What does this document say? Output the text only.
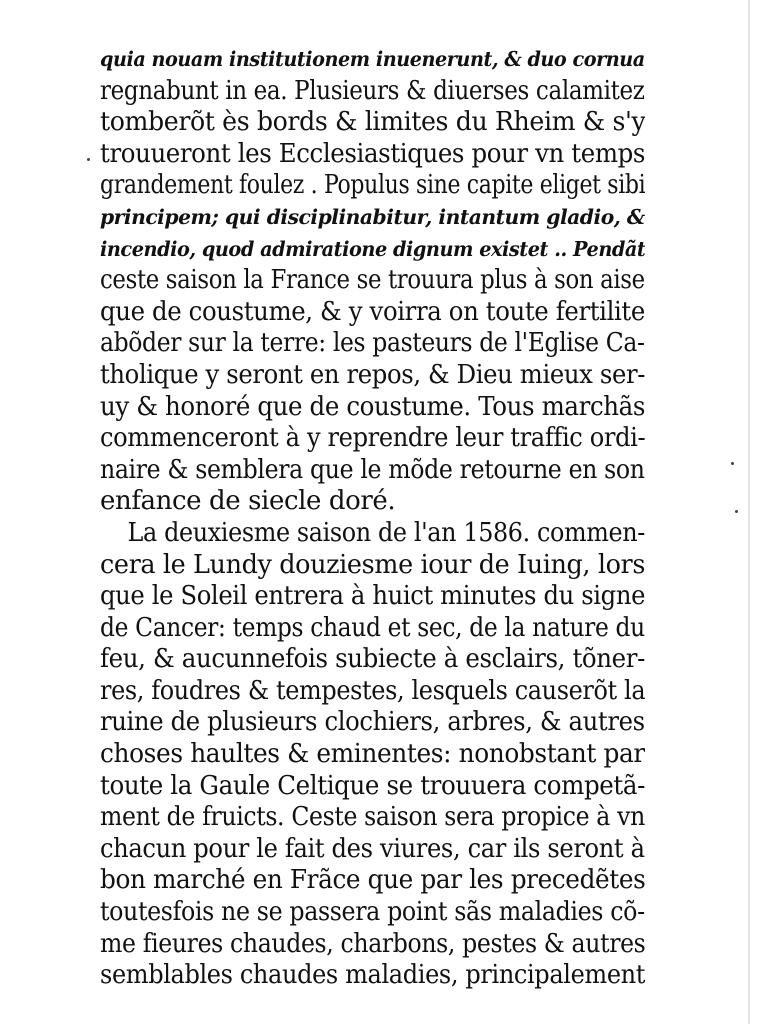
quia nouam institutionem inuenerunt, & duo cornua
regnabunt in ea. Plusieurs & diuerses calamitez
tomberõt ès bords & limites du Rheim & s'y
trouueront les Ecclesiastiques pour vn temps
grandement foulez . Populus sine capite eliget sibi
principem; qui disciplinabitur, intantum gladio, &
incendio, quod admiratione dignum existet .. Pendãt
ceste saison la France se trouura plus à son aise
que de coustume, & y voirra on toute fertilite
abõder sur la terre: les pasteurs de l'Eglise Ca-
tholique y seront en repos, & Dieu mieux ser-
uy & honoré que de coustume. Tous marchãs
commenceront à y reprendre leur traffic ordi-
naire & semblera que le mõde retourne en son
enfance de siecle doré.
La deuxiesme saison de l'an 1586. commen-
cera le Lundy douziesme iour de Iuing, lors
que le Soleil entrera à huict minutes du signe
de Cancer: temps chaud et sec, de la nature du
feu, & aucunnefois subiecte à esclairs, tõner-
res, foudres & tempestes, lesquels causerõt la
ruine de plusieurs clochiers, arbres, & autres
choses haultes & eminentes: nonobstant par
toute la Gaule Celtique se trouuera competã-
ment de fruicts. Ceste saison sera propice à vn
chacun pour le fait des viures, car ils seront à
bon marché en Frãce que par les precedẽtes
toutesfois ne se passera point sãs maladies cõ-
me fieures chaudes, charbons, pestes & autres
semblables chaudes maladies, principalement
